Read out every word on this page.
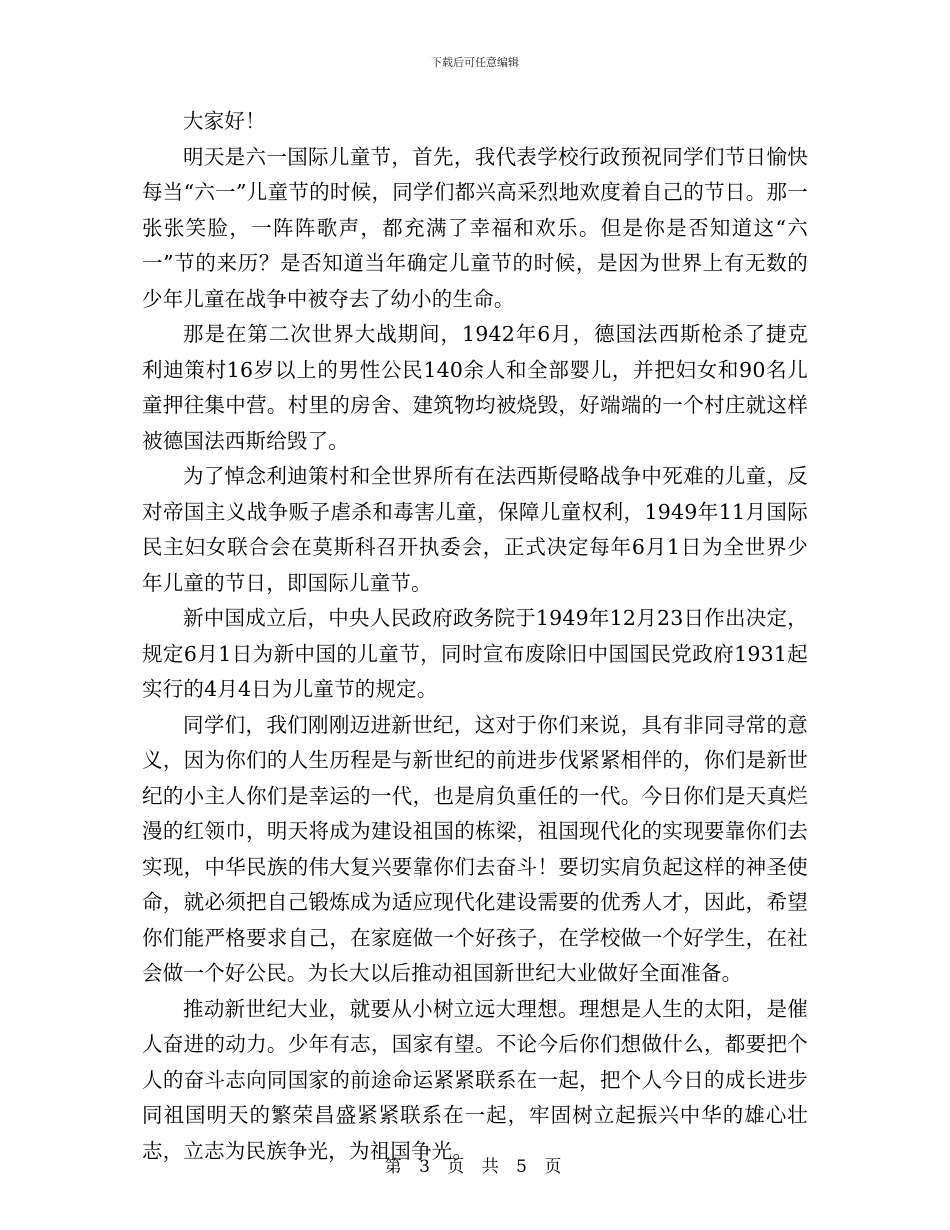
下载后可任意编辑

大家好！

明天是六一国际儿童节，首先，我代表学校行政预祝同学们节日愉快每当“六一”儿童节的时候，同学们都兴高采烈地欢度着自己的节日。那一张张笑脸，一阵阵歌声，都充满了幸福和欢乐。但是你是否知道这“六一”节的来历？是否知道当年确定儿童节的时候，是因为世界上有无数的少年儿童在战争中被夺去了幼小的生命。

那是在第二次世界大战期间，1942年6月，德国法西斯枪杀了捷克利迪策村16岁以上的男性公民140余人和全部婴儿，并把妇女和90名儿童押往集中营。村里的房舍、建筑物均被烧毁，好端端的一个村庄就这样被德国法西斯给毁了。

为了悼念利迪策村和全世界所有在法西斯侵略战争中死难的儿童，反对帝国主义战争贩子虐杀和毒害儿童，保障儿童权利，1949年11月国际民主妇女联合会在莫斯科召开执委会，正式决定每年6月1日为全世界少年儿童的节日，即国际儿童节。

新中国成立后，中央人民政府政务院于1949年12月23日作出决定，规定6月1日为新中国的儿童节，同时宣布废除旧中国国民党政府1931起实行的4月4日为儿童节的规定。

同学们，我们刚刚迈进新世纪，这对于你们来说，具有非同寻常的意义，因为你们的人生历程是与新世纪的前进步伐紧紧相伴的，你们是新世纪的小主人你们是幸运的一代，也是肩负重任的一代。今日你们是天真烂漫的红领巾，明天将成为建设祖国的栋梁，祖国现代化的实现要靠你们去实现，中华民族的伟大复兴要靠你们去奋斗！要切实肩负起这样的神圣使命，就必须把自己锻炼成为适应现代化建设需要的优秀人才，因此，希望你们能严格要求自己，在家庭做一个好孩子，在学校做一个好学生，在社会做一个好公民。为长大以后推动祖国新世纪大业做好全面准备。

推动新世纪大业，就要从小树立远大理想。理想是人生的太阳，是催人奋进的动力。少年有志，国家有望。不论今后你们想做什么，都要把个人的奋斗志向同国家的前途命运紧紧联系在一起，把个人今日的成长进步同祖国明天的繁荣昌盛紧紧联系在一起，牢固树立起振兴中华的雄心壮志，立志为民族争光，为祖国争光。

第 3 页 共 5 页
